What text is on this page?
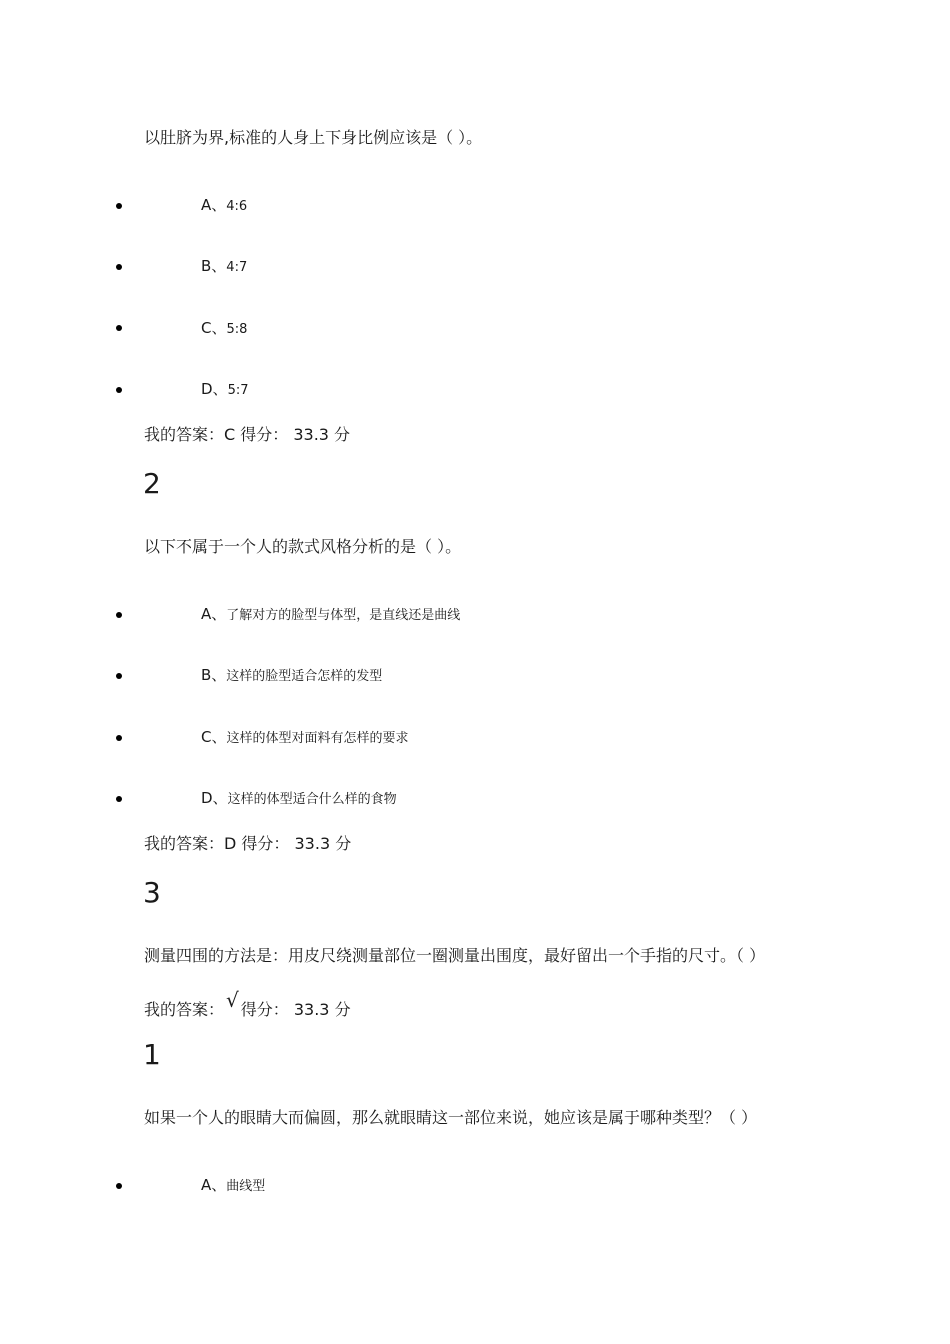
以肚脐为界,标准的人身上下身比例应该是（ ）。
A、4:6
B、4:7
C、5:8
D、5:7
我的答案：C 得分： 33.3 分
2
以下不属于一个人的款式风格分析的是（ ）。
A、了解对方的脸型与体型，是直线还是曲线
B、这样的脸型适合怎样的发型
C、这样的体型对面料有怎样的要求
D、这样的体型适合什么样的食物
我的答案：D 得分： 33.3 分
3
测量四围的方法是：用皮尺绕测量部位一圈测量出围度，最好留出一个手指的尺寸。（ ）
我的答案： √ 得分： 33.3 分
1
如果一个人的眼睛大而偏圆，那么就眼睛这一部位来说，她应该是属于哪种类型？（ ）
A、曲线型
